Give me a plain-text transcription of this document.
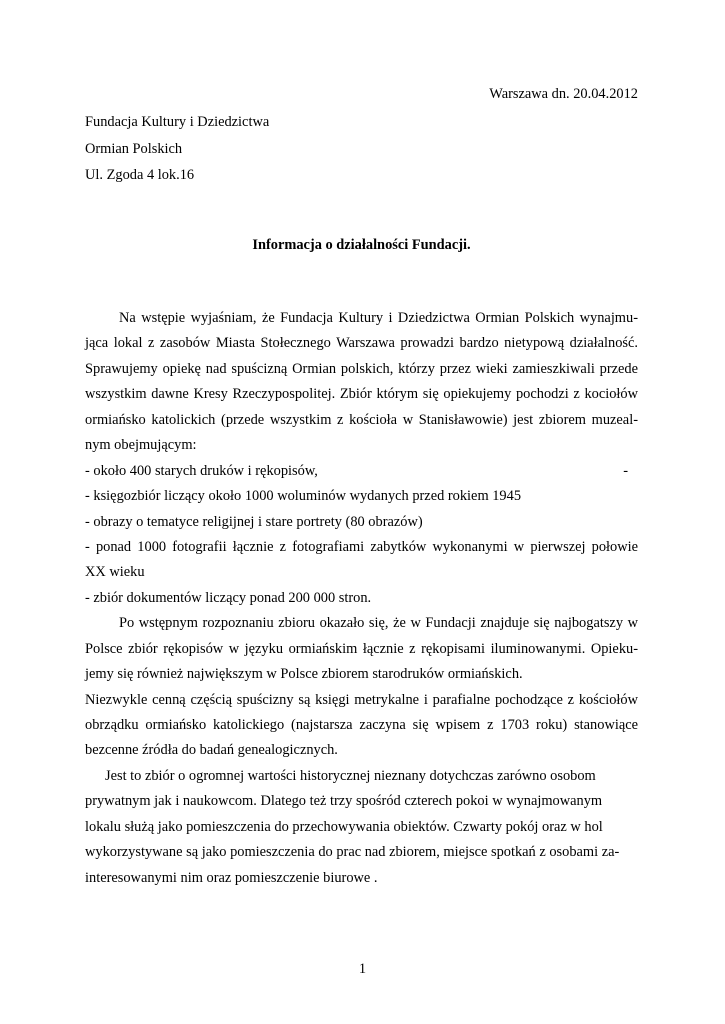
Warszawa dn. 20.04.2012
Fundacja Kultury i Dziedzictwa
Ormian Polskich
Ul. Zgoda 4 lok.16
Informacja o działalności Fundacji.
Na wstępie wyjaśniam, że Fundacja Kultury i Dziedzictwa Ormian Polskich wynajmu-
jąca lokal z zasobów Miasta Stołecznego Warszawa prowadzi bardzo nietypową działalność.
Sprawujemy opiekę nad spuścizną Ormian polskich, którzy przez wieki zamieszkiwali przede
wszystkim dawne Kresy Rzeczypospolitej. Zbiór którym się opiekujemy pochodzi z kociołów
ormiańsko katolickich (przede wszystkim z kościoła w Stanisławowie) jest zbiorem muzeal-
nym obejmującym:
- około 400 starych druków i rękopisów,	-
- księgozbiór liczący około 1000 woluminów wydanych przed rokiem 1945
- obrazy o tematyce religijnej i stare portrety (80 obrazów)
- ponad 1000 fotografii łącznie z fotografiami zabytków wykonanymi w pierwszej połowie
XX wieku
- zbiór dokumentów liczący ponad 200 000 stron.
Po wstępnym rozpoznaniu zbioru okazało się, że w Fundacji znajduje się najbogatszy w
Polsce zbiór rękopisów w języku ormiańskim łącznie z rękopisami iluminowanymi. Opieku-
jemy się również największym w Polsce zbiorem starodruków ormiańskich.
Niezwykle cenną częścią spuścizny są księgi metrykalne i parafialne pochodzące z kościołów
obrządku ormiańsko katolickiego (najstarsza zaczyna się wpisem z 1703 roku) stanowiące
bezcenne źródła do badań genealogicznych.
Jest to zbiór o ogromnej wartości historycznej nieznany dotychczas zarówno osobom
prywatnym jak i naukowcom. Dlatego też trzy spośród czterech pokoi w wynajmowanym
lokalu służą jako pomieszczenia do przechowywania obiektów. Czwarty pokój oraz w hol
wykorzystywane są jako pomieszczenia do prac nad zbiorem, miejsce spotkań z osobami za-
interesowanymi nim oraz pomieszczenie biurowe .
1
